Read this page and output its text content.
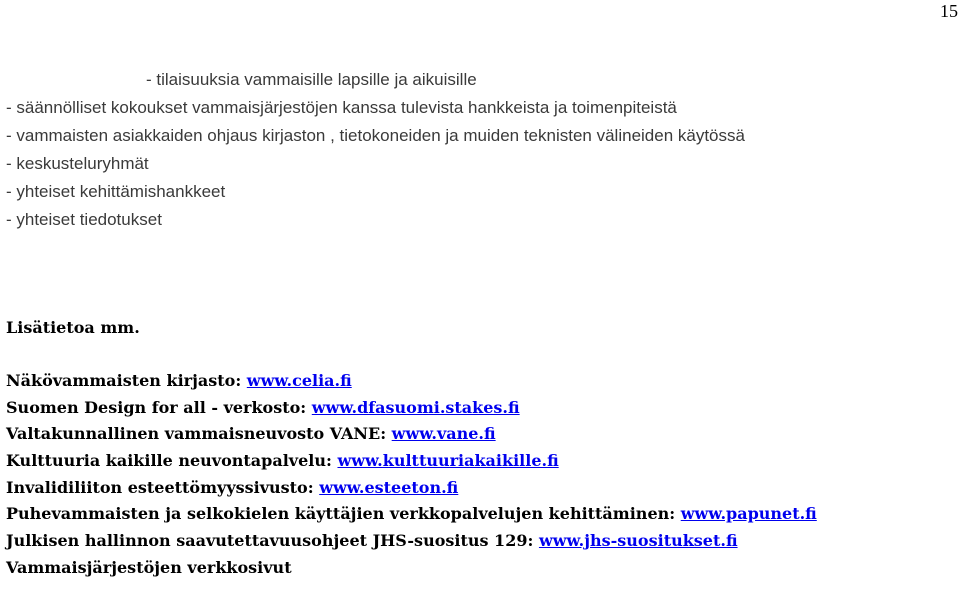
15
- tilaisuuksia vammaisille lapsille ja aikuisille
- säännölliset kokoukset vammaisjärjestöjen kanssa tulevista hankkeista ja toimenpiteistä
- vammaisten asiakkaiden ohjaus kirjaston , tietokoneiden ja muiden teknisten välineiden käytössä
- keskusteluryhmät
- yhteiset kehittämishankkeet
- yhteiset tiedotukset
Lisätietoa mm.
Näkövammaisten kirjasto: www.celia.fi
Suomen Design for all - verkosto: www.dfasuomi.stakes.fi
Valtakunnallinen vammaisneuvosto VANE: www.vane.fi
Kulttuuria kaikille neuvontapalvelu: www.kulttuuriakaikille.fi
Invalidiliiton esteettömyyssivusto: www.esteeton.fi
Puhevammaisten ja selkokielen käyttäjien verkkopalvelujen kehittäminen: www.papunet.fi
Julkisen hallinnon saavutettavuusohjeet JHS-suositus 129: www.jhs-suositukset.fi
Vammaisjärjestöjen verkkosivut
